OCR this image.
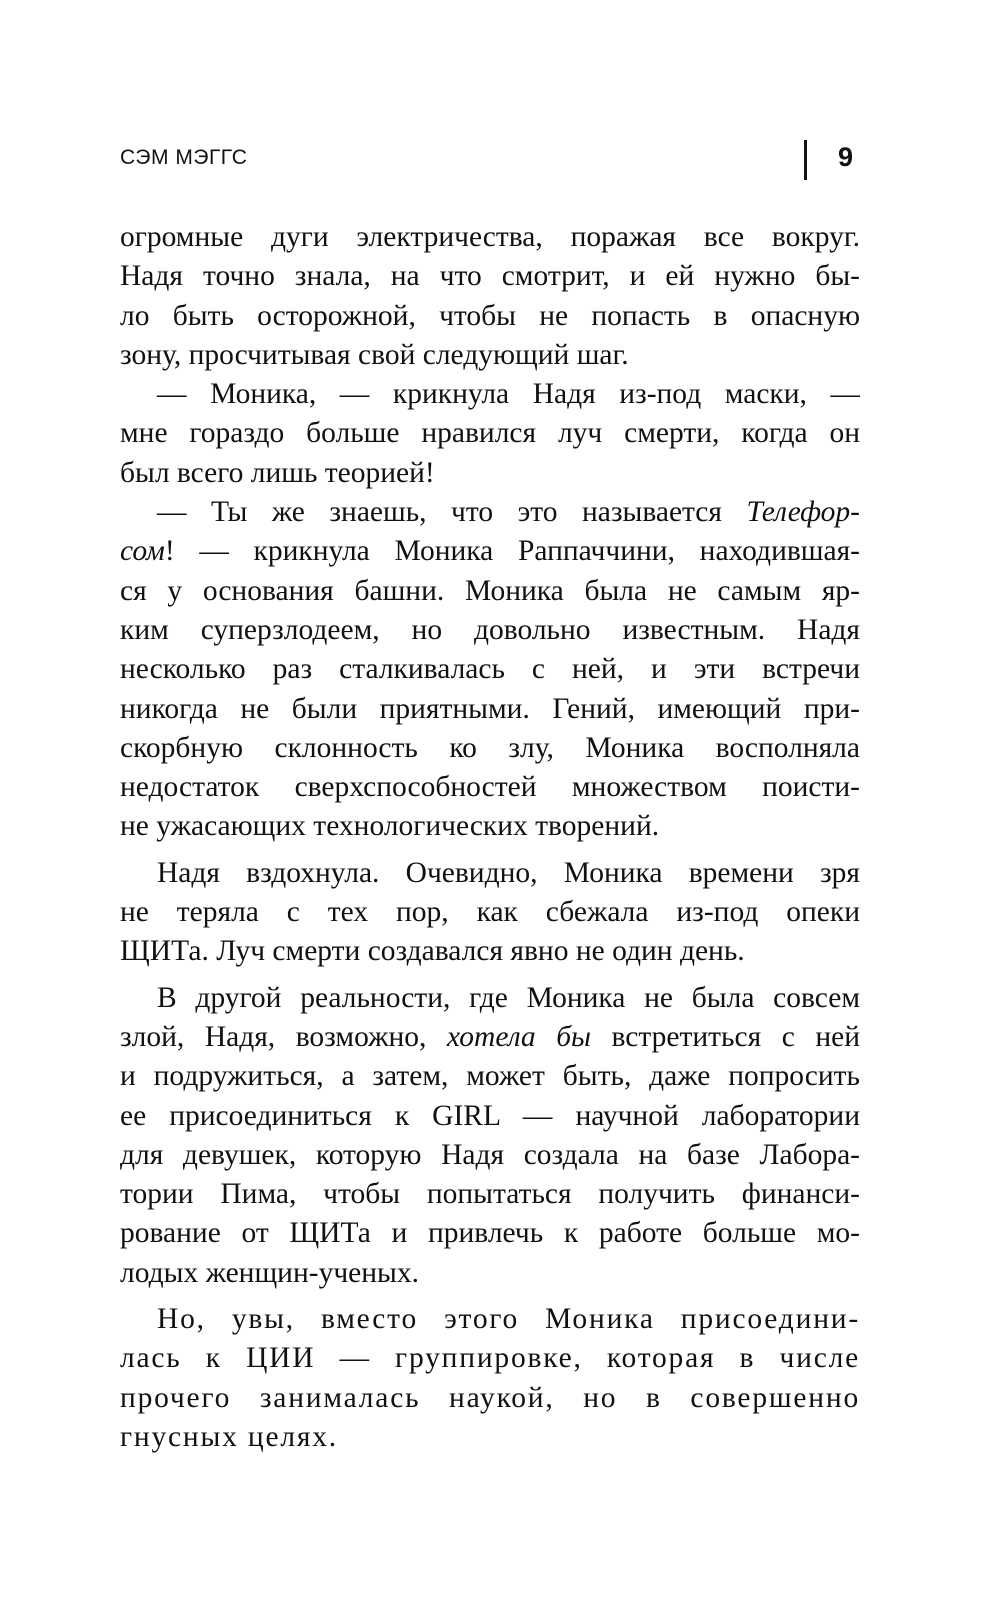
СЭМ МЭГГС	9
огромные дуги электричества, поражая все вокруг.
Надя точно знала, на что смотрит, и ей нужно бы-
ло быть осторожной, чтобы не попасть в опасную
зону, просчитывая свой следующий шаг.
— Моника, — крикнула Надя из-под маски, —
мне гораздо больше нравился луч смерти, когда он
был всего лишь теорией!
— Ты же знаешь, что это называется Телефор-
сом! — крикнула Моника Раппаччини, находившая-
ся у основания башни. Моника была не самым яр-
ким суперзлодеем, но довольно известным. Надя
несколько раз сталкивалась с ней, и эти встречи
никогда не были приятными. Гений, имеющий при-
скорбную склонность ко злу, Моника восполняла
недостаток сверхспособностей множеством поисти-
не ужасающих технологических творений.
Надя вздохнула. Очевидно, Моника времени зря
не теряла с тех пор, как сбежала из-под опеки
ЩИТа. Луч смерти создавался явно не один день.
В другой реальности, где Моника не была совсем
злой, Надя, возможно, хотела бы встретиться с ней
и подружиться, а затем, может быть, даже попросить
ее присоединиться к GIRL — научной лаборатории
для девушек, которую Надя создала на базе Лабора-
тории Пима, чтобы попытаться получить финанси-
рование от ЩИТа и привлечь к работе больше мо-
лодых женщин-ученых.
Но, увы, вместо этого Моника присоедини-
лась к ЦИИ — группировке, которая в числе
прочего занималась наукой, но в совершенно
гнусных целях.
